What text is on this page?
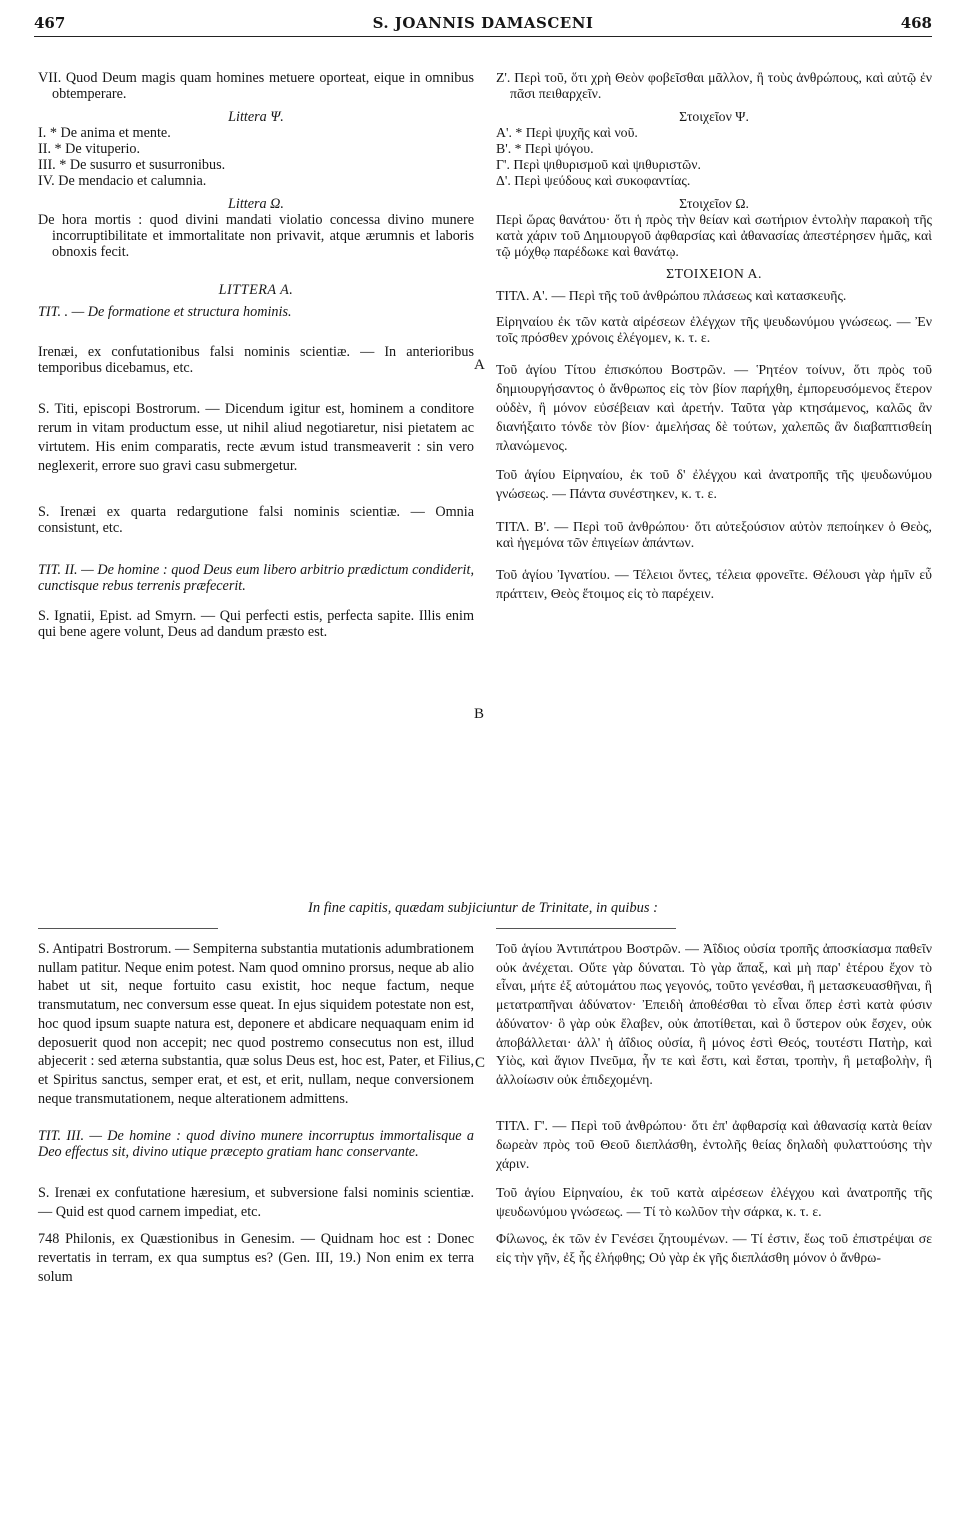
467	S. JOANNIS DAMASCENI	468
A
B
C

VII. Quod Deum magis quam homines metuere oporteat, eique in omnibus obtemperare.

Littera Ψ.

I. * De anima et mente.

II. * De vituperio.

III. * De susurro et susurronibus.

IV. De mendacio et calumnia.

Littera Ω.

De hora mortis : quod divini mandati violatio concessa divino munere incorruptibilitate et immortalitate non privavit, atque ærumnis et laboris obnoxis fecit.

LITTERA A.

TIT. . — De formatione et structura hominis.

Irenæi, ex confutationibus falsi nominis scientiæ. — In anterioribus temporibus dicebamus, etc.

S. Titi, episcopi Bostrorum. — Dicendum igitur est, hominem a conditore rerum in vitam productum esse, ut nihil aliud negotiaretur, nisi pietatem ac virtutem. His enim comparatis, recte ævum istud transmeaverit : sin vero neglexerit, errore suo gravi casu submergetur.

S. Irenæi ex quarta redargutione falsi nominis scientiæ. — Omnia consistunt, etc.

TIT. II. — De homine : quod Deus eum libero arbitrio prædictum condiderit, cunctisque rebus terrenis præfecerit.

S. Ignatii, Epist. ad Smyrn. — Qui perfecti estis, perfecta sapite. Illis enim qui bene agere volunt, Deus ad dandum præsto est.

Ζ'. Περὶ τοῦ, ὅτι χρὴ Θεὸν φοβεῖσθαι μᾶλλον, ἢ τοὺς ἀνθρώπους, καὶ αὐτῷ ἐν πᾶσι πειθαρχεῖν.

Στοιχεῖον Ψ.

Α'. * Περὶ ψυχῆς καὶ νοῦ.

Β'. * Περὶ ψόγου.

Γ'. Περὶ ψιθυρισμοῦ καὶ ψιθυριστῶν.

Δ'. Περὶ ψεύδους καὶ συκοφαντίας.

Στοιχεῖον Ω.

Περὶ ὥρας θανάτου· ὅτι ἡ πρὸς τὴν θείαν καὶ σωτήριον ἐντολὴν παρακοὴ τῆς κατὰ χάριν τοῦ Δημιουργοῦ ἀφθαρσίας καὶ ἀθανασίας ἀπεστέρησεν ἡμᾶς, καὶ τῷ μόχθῳ παρέδωκε καὶ θανάτῳ.

ΣΤΟΙΧΕΙΟΝ Α.

ΤΙΤΛ. Α'. — Περὶ τῆς τοῦ ἀνθρώπου πλάσεως καὶ κατασκευῆς.

Εἰρηναίου ἐκ τῶν κατὰ αἱρέσεων ἐλέγχων τῆς ψευδωνύμου γνώσεως. — Ἐν τοῖς πρόσθεν χρόνοις ἐλέγομεν, κ. τ. ε.

Τοῦ ἁγίου Τίτου ἐπισκόπου Βοστρῶν. — Ῥητέον τοίνυν, ὅτι πρὸς τοῦ δημιουργήσαντος ὁ ἄνθρωπος εἰς τὸν βίον παρήχθη, ἐμπορευσόμενος ἕτερον οὐδὲν, ἢ μόνον εὐσέβειαν καὶ ἀρετήν. Ταῦτα γὰρ κτησάμενος, καλῶς ἂν διανήξαιτο τόνδε τὸν βίον· ἀμελήσας δὲ τούτων, χαλεπῶς ἂν διαβαπτισθείη πλανώμενος.

Τοῦ ἁγίου Εἰρηναίου, ἐκ τοῦ δ' ἐλέγχου καὶ ἀνατροπῆς τῆς ψευδωνύμου γνώσεως. — Πάντα συνέστηκεν, κ. τ. ε.

ΤΙΤΛ. Β'. — Περὶ τοῦ ἀνθρώπου· ὅτι αὐτεξούσιον αὐτὸν πεποίηκεν ὁ Θεὸς, καὶ ἡγεμόνα τῶν ἐπιγείων ἁπάντων.

Τοῦ ἁγίου Ἰγνατίου. — Τέλειοι ὄντες, τέλεια φρονεῖτε. Θέλουσι γὰρ ἡμῖν εὖ πράττειν, Θεὸς ἕτοιμος εἰς τὸ παρέχειν.

In fine capitis, quædam subjiciuntur de Trinitate, in quibus :

S. Antipatri Bostrorum. — Sempiterna substantia mutationis adumbrationem nullam patitur. Neque enim potest. Nam quod omnino prorsus, neque ab alio habet ut sit, neque fortuito casu existit, hoc neque factum, neque transmutatum, nec conversum esse queat. In ejus siquidem potestate non est, hoc quod ipsum suapte natura est, deponere et abdicare nequaquam enim id deposuerit quod non accepit; nec quod postremo consecutus non est, illud abjecerit : sed æterna substantia, quæ solus Deus est, hoc est, Pater, et Filius, et Spiritus sanctus, semper erat, et est, et erit, nullam, neque conversionem neque transmutationem, neque alterationem admittens.

TIT. III. — De homine : quod divino munere incorruptus immortalisque a Deo effectus sit, divino utique præcepto gratiam hanc conservante.

S. Irenæi ex confutatione hæresium, et subversione falsi nominis scientiæ. — Quid est quod carnem impediat, etc.

748 Philonis, ex Quæstionibus in Genesim. — Quidnam hoc est : Donec revertatis in terram, ex qua sumptus es? (Gen. III, 19.) Non enim ex terra solum

Τοῦ ἁγίου Ἀντιπάτρου Βοστρῶν. — Ἀΐδιος οὐσία τροπῆς ἀποσκίασμα παθεῖν οὐκ ἀνέχεται. Οὔτε γὰρ δύναται. Τὸ γὰρ ἅπαξ, καὶ μὴ παρ' ἑτέρου ἔχον τὸ εἶναι, μήτε ἐξ αὐτομάτου πως γεγονός, τοῦτο γενέσθαι, ἢ μετασκευασθῆναι, ἢ μετατραπῆναι ἀδύνατον· Ἐπειδὴ ἀποθέσθαι τὸ εἶναι ὅπερ ἐστὶ κατὰ φύσιν ἀδύνατον· ὃ γὰρ οὐκ ἔλαβεν, οὐκ ἀποτίθεται, καὶ ὃ ὕστερον οὐκ ἔσχεν, οὐκ ἀποβάλλεται· ἀλλ' ἡ ἀΐδιος οὐσία, ἢ μόνος ἐστὶ Θεός, τουτέστι Πατὴρ, καὶ Υἱὸς, καὶ ἅγιον Πνεῦμα, ἦν τε καὶ ἔστι, καὶ ἔσται, τροπὴν, ἢ μεταβολὴν, ἢ ἀλλοίωσιν οὐκ ἐπιδεχομένη.

ΤΙΤΛ. Γ'. — Περὶ τοῦ ἀνθρώπου· ὅτι ἐπ' ἀφθαρσίᾳ καὶ ἀθανασίᾳ κατὰ θείαν δωρεὰν πρὸς τοῦ Θεοῦ διεπλάσθη, ἐντολῆς θείας δηλαδὴ φυλαττούσης τὴν χάριν.

Τοῦ ἁγίου Εἰρηναίου, ἐκ τοῦ κατὰ αἱρέσεων ἐλέγχου καὶ ἀνατροπῆς τῆς ψευδωνύμου γνώσεως. — Τί τὸ κωλῦον τὴν σάρκα, κ. τ. ε.

Φίλωνος, ἐκ τῶν ἐν Γενέσει ζητουμένων. — Τί ἐστιν, ἕως τοῦ ἐπιστρέψαι σε εἰς τὴν γῆν, ἐξ ἧς ἐλήφθης; Οὐ γὰρ ἐκ γῆς διεπλάσθη μόνον ὁ ἄνθρω-
